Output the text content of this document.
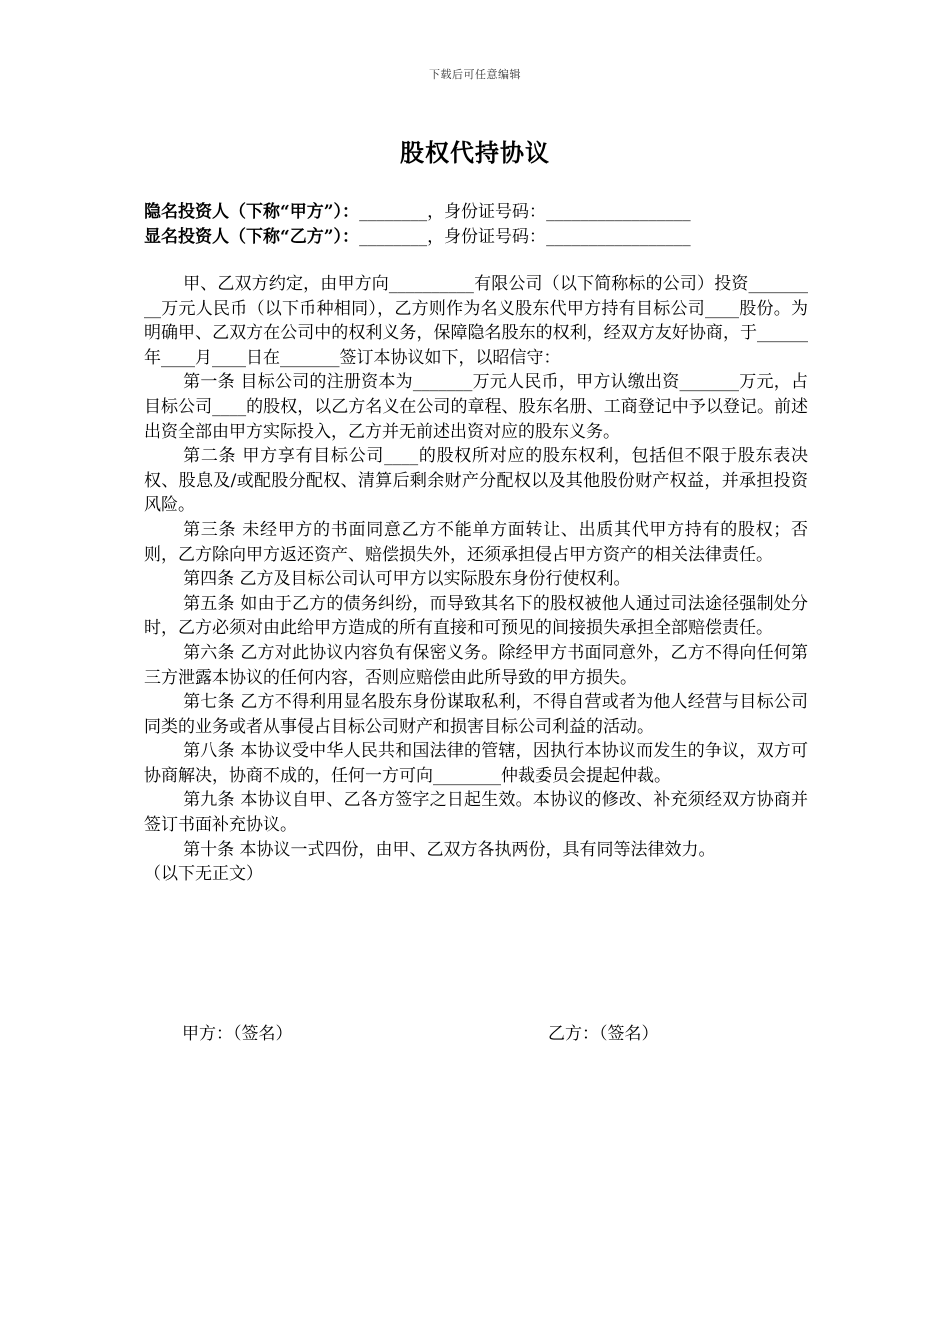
下载后可任意编辑
股权代持协议
隐名投资人（下称“甲方”）：________，身份证号码：_________________
显名投资人（下称“乙方”）：________，身份证号码：_________________

甲、乙双方约定，由甲方向__________有限公司（以下简称标的公司）投资_________万元人民币（以下币种相同），乙方则作为名义股东代甲方持有目标公司____股份。为明确甲、乙双方在公司中的权利义务，保障隐名股东的权利，经双方友好协商，于______年____月____日在_______签订本协议如下，以昭信守：

第一条 目标公司的注册资本为_______万元人民币，甲方认缴出资_______万元，占目标公司____的股权，以乙方名义在公司的章程、股东名册、工商登记中予以登记。前述出资全部由甲方实际投入，乙方并无前述出资对应的股东义务。

第二条 甲方享有目标公司____的股权所对应的股东权利，包括但不限于股东表决权、股息及/或配股分配权、清算后剩余财产分配权以及其他股份财产权益，并承担投资风险。

第三条 未经甲方的书面同意乙方不能单方面转让、出质其代甲方持有的股权；否则，乙方除向甲方返还资产、赔偿损失外，还须承担侵占甲方资产的相关法律责任。

第四条 乙方及目标公司认可甲方以实际股东身份行使权利。

第五条 如由于乙方的债务纠纷，而导致其名下的股权被他人通过司法途径强制处分时，乙方必须对由此给甲方造成的所有直接和可预见的间接损失承担全部赔偿责任。

第六条 乙方对此协议内容负有保密义务。除经甲方书面同意外，乙方不得向任何第三方泄露本协议的任何内容，否则应赔偿由此所导致的甲方损失。

第七条 乙方不得利用显名股东身份谋取私利，不得自营或者为他人经营与目标公司同类的业务或者从事侵占目标公司财产和损害目标公司利益的活动。

第八条 本协议受中华人民共和国法律的管辖，因执行本协议而发生的争议，双方可协商解决，协商不成的，任何一方可向________仲裁委员会提起仲裁。

第九条 本协议自甲、乙各方签字之日起生效。本协议的修改、补充须经双方协商并签订书面补充协议。

第十条 本协议一式四份，由甲、乙双方各执两份，具有同等法律效力。

（以下无正文）

甲方：（签名）	乙方：（签名）
